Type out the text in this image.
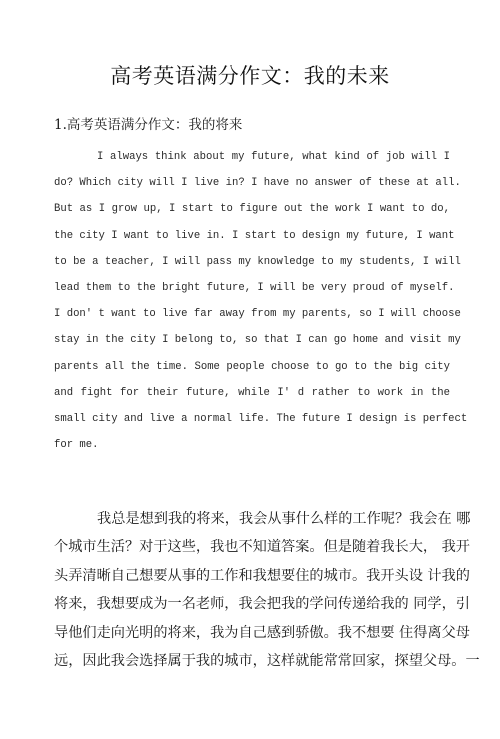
高考英语满分作文：我的未来
1.高考英语满分作文：我的将来
I always think about my future, what kind of job will I
do? Which city will I live in? I have no answer of these at all.
But as I grow up, I start to figure out the work I want to do,
the city I want to live in. I start to design my future, I want
to be a teacher, I will pass my knowledge to my students, I will
lead them to the bright future, I will be very proud of myself.
I don' t want to live far away from my parents, so I will choose
stay in the city I belong to, so that I can go home and visit my
parents all the time. Some people choose to go to the big city
and fight for their future, while I' d rather to work in the
small city and live a normal life. The future I design is perfect
for me.
我总是想到我的将来，我会从事什么样的工作呢？我会在 哪
个城市生活？对于这些，我也不知道答案。但是随着我长大， 我开
头弄清晰自己想要从事的工作和我想要住的城市。我开头设 计我的
将来，我想要成为一名老师，我会把我的学问传递给我的 同学，引
导他们走向光明的将来，我为自己感到骄傲。我不想要 住得离父母
远，因此我会选择属于我的城市，这样就能常常回家，探望父母。一
